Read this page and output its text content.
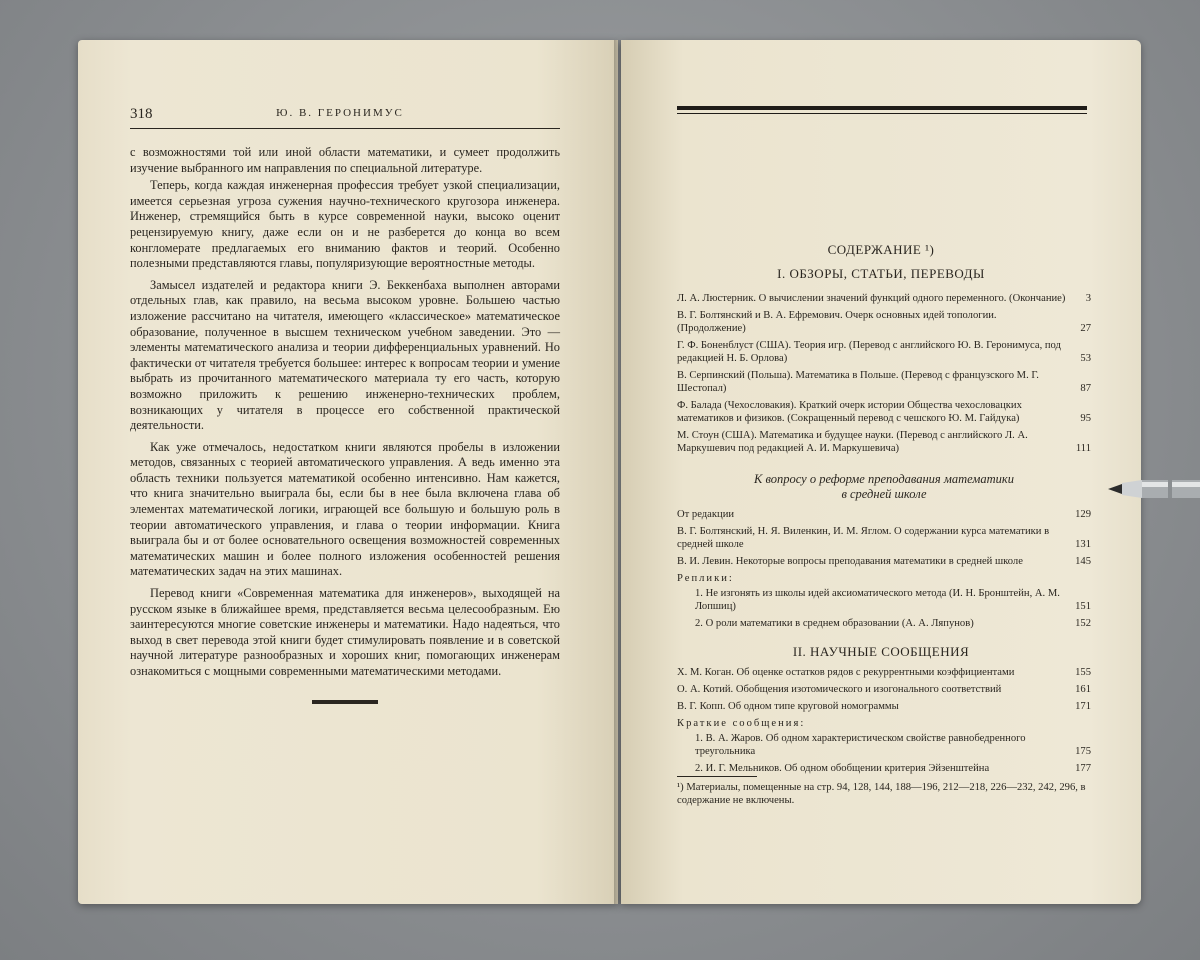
318	Ю. В. ГЕРОНИМУС

с возможностями той или иной области математики, и сумеет продолжить изучение выбранного им направления по специальной литературе.

Теперь, когда каждая инженерная профессия требует узкой специализации, имеется серьезная угроза сужения научно-технического кругозора инженера. Инженер, стремящийся быть в курсе современной науки, высоко оценит рецензируемую книгу, даже если он и не разберется до конца во всем конгломерате предлагаемых его вниманию фактов и теорий. Особенно полезными представляются главы, популяризующие вероятностные методы.

Замысел издателей и редактора книги Э. Беккенбаха выполнен авторами отдельных глав, как правило, на весьма высоком уровне. Большею частью изложение рассчитано на читателя, имеющего «классическое» математическое образование, полученное в высшем техническом учебном заведении. Это — элементы математического анализа и теории дифференциальных уравнений. Но фактически от читателя требуется большее: интерес к вопросам теории и умение выбрать из прочитанного математического материала ту его часть, которую возможно приложить к решению инженерно-технических проблем, возникающих у читателя в процессе его собственной практической деятельности.

Как уже отмечалось, недостатком книги являются пробелы в изложении методов, связанных с теорией автоматического управления. А ведь именно эта область техники пользуется математикой особенно интенсивно. Нам кажется, что книга значительно выиграла бы, если бы в нее была включена глава об элементах математической логики, играющей все большую и большую роль в теории автоматического управления, и глава о теории информации. Книга выиграла бы и от более основательного освещения возможностей современных математических машин и более полного изложения особенностей решения математических задач на этих машинах.

Перевод книги «Современная математика для инженеров», выходящей на русском языке в ближайшее время, представляется весьма целесообразным. Ею заинтересуются многие советские инженеры и математики. Надо надеяться, что выход в свет перевода этой книги будет стимулировать появление и в советской научной литературе разнообразных и хороших книг, помогающих инженерам ознакомиться с мощными современными математическими методами.

СОДЕРЖАНИЕ ¹)
I. ОБЗОРЫ, СТАТЬИ, ПЕРЕВОДЫ
Л. А. Люстерник. О вычислении значений функций одного переменного. (Окончание) 3
В. Г. Болтянский и В. А. Ефремович. Очерк основных идей топологии. (Продолжение)	27
Г. Ф. Боненблуст (США). Теория игр. (Перевод с английского Ю. В. Геронимуса, под редакцией Н. Б. Орлова)	53
В. Серпинский (Польша). Математика в Польше. (Перевод с французского М. Г. Шестопал)	87
Ф. Балада (Чехословакия). Краткий очерк истории Общества чехословацких математиков и физиков. (Сокращенный перевод с чешского Ю. М. Гайдука)	95
М. Стоун (США). Математика и будущее науки. (Перевод с английского Л. А. Маркушевич под редакцией А. И. Маркушевича)	111
К вопросу о реформе преподавания математики
в средней школе
От редакции	129
В. Г. Болтянский, Н. Я. Виленкин, И. М. Яглом. О содержании курса математики в средней школе	131
В. И. Левин. Некоторые вопросы преподавания математики в средней школе	145
Реплики:
1. Не изгонять из школы идей аксиоматического метода (И. Н. Бронштейн, А. М. Лопшиц)	151
2. О роли математики в среднем образовании (А. А. Ляпунов)	152
II. НАУЧНЫЕ СООБЩЕНИЯ
Х. М. Коган. Об оценке остатков рядов с рекуррентными коэффициентами	155
О. А. Котий. Обобщения изотомического и изогонального соответствий	161
В. Г. Копп. Об одном типе круговой номограммы	171
Краткие сообщения:
1. В. А. Жаров. Об одном характеристическом свойстве равнобедренного треугольника	175
2. И. Г. Мельников. Об одном обобщении критерия Эйзенштейна	177
¹) Материалы, помещенные на стр. 94, 128, 144, 188—196, 212—218, 226—232, 242, 296, в содержание не включены.
